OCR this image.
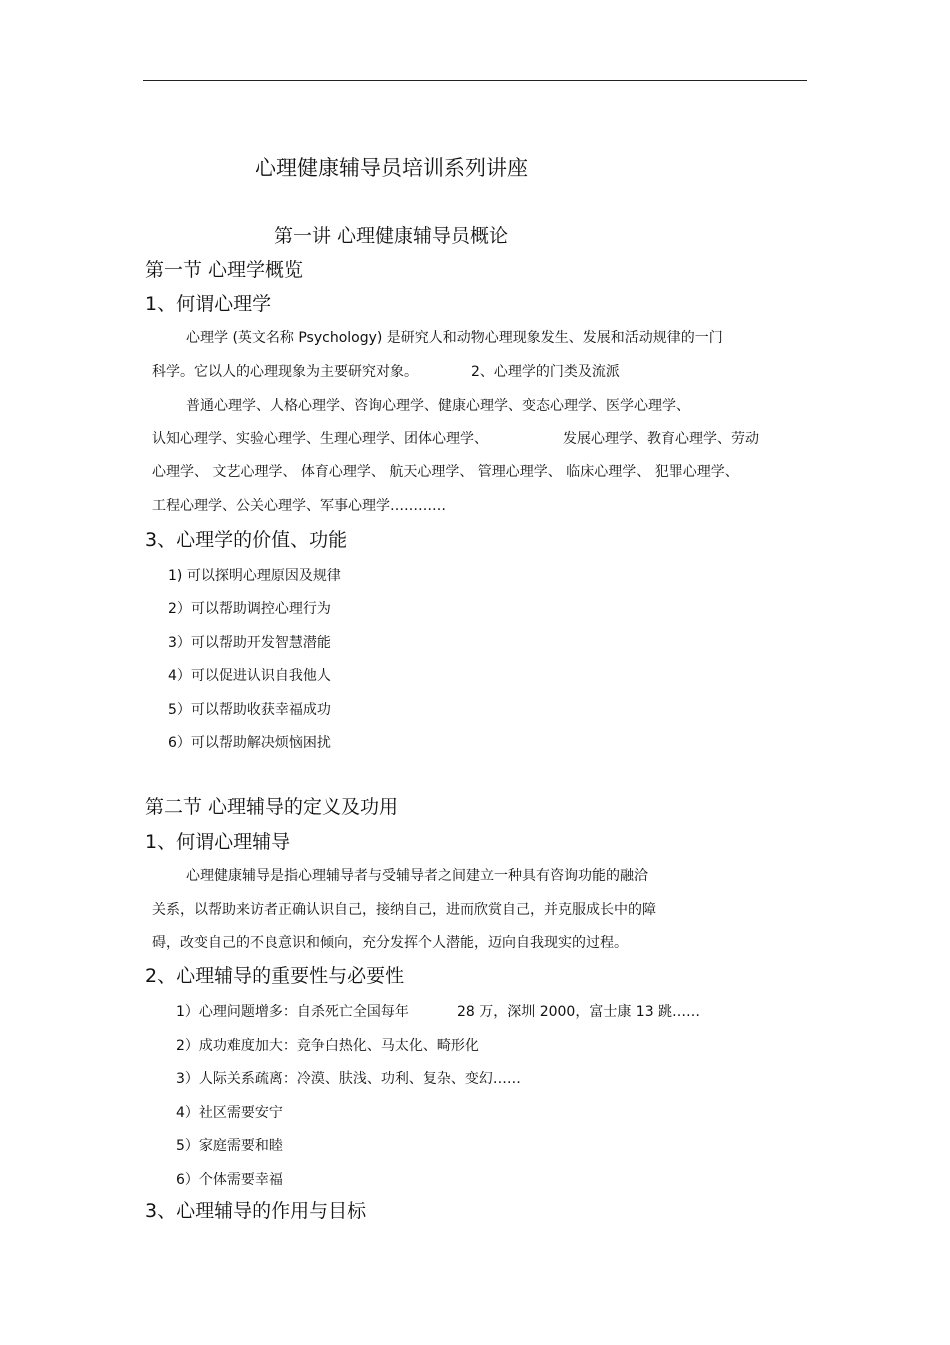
心理健康辅导员培训系列讲座
第一讲 心理健康辅导员概论
第一节 心理学概览
1、何谓心理学
心理学 (英文名称 Psychology) 是研究人和动物心理现象发生、发展和活动规律的一门
科学。它以人的心理现象为主要研究对象。	2、心理学的门类及流派
普通心理学、人格心理学、咨询心理学、健康心理学、变态心理学、医学心理学、
认知心理学、实验心理学、生理心理学、团体心理学、	发展心理学、教育心理学、劳动
心理学、 文艺心理学、 体育心理学、 航天心理学、 管理心理学、 临床心理学、 犯罪心理学、
工程心理学、公关心理学、军事心理学…………
3、心理学的价值、功能
1) 可以探明心理原因及规律
2）可以帮助调控心理行为
3）可以帮助开发智慧潜能
4）可以促进认识自我他人
5）可以帮助收获幸福成功
6）可以帮助解决烦恼困扰
第二节 心理辅导的定义及功用
1、何谓心理辅导
心理健康辅导是指心理辅导者与受辅导者之间建立一种具有咨询功能的融洽
关系，以帮助来访者正确认识自己，接纳自己，进而欣赏自己，并克服成长中的障
碍，改变自己的不良意识和倾向，充分发挥个人潜能，迈向自我现实的过程。
2、心理辅导的重要性与必要性
1）心理问题增多：自杀死亡全国每年	28 万，深圳 2000，富士康 13 跳……
2）成功难度加大：竞争白热化、马太化、畸形化
3）人际关系疏离：冷漠、肤浅、功利、复杂、变幻……
4）社区需要安宁
5）家庭需要和睦
6）个体需要幸福
3、心理辅导的作用与目标
